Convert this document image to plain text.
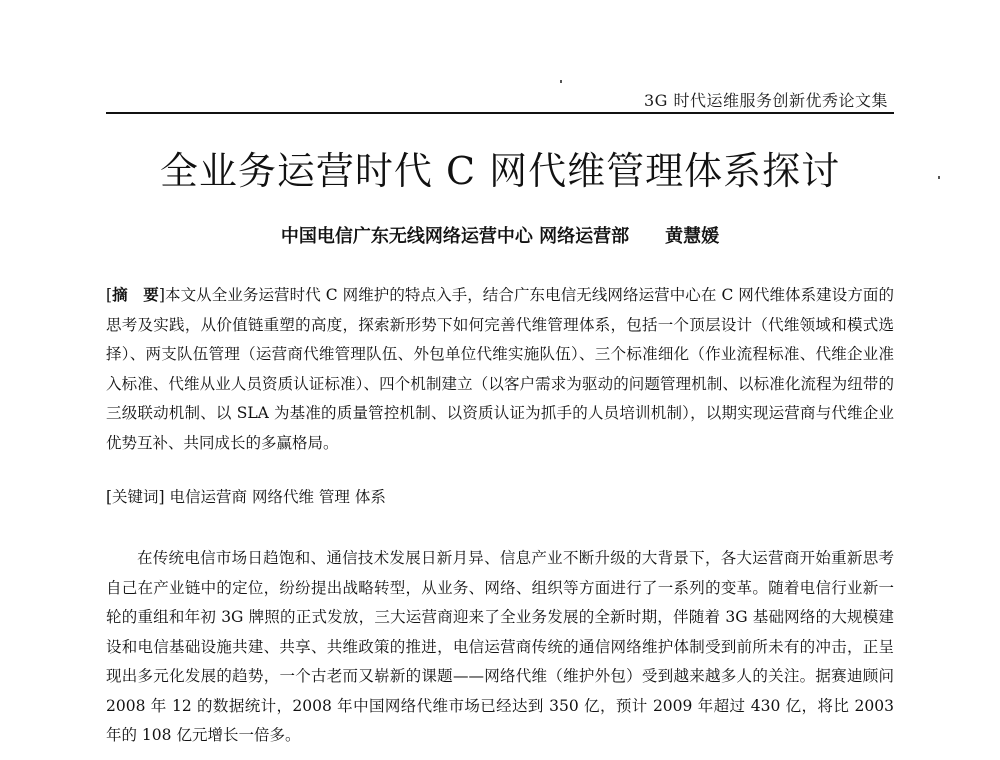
3G 时代运维服务创新优秀论文集
全业务运营时代 C 网代维管理体系探讨
中国电信广东无线网络运营中心 网络运营部 黄慧媛

[摘　要]本文从全业务运营时代 C 网维护的特点入手，结合广东电信无线网络运营中心在 C 网代维体系建设方面的思考及实践，从价值链重塑的高度，探索新形势下如何完善代维管理体系，包括一个顶层设计（代维领域和模式选择）、两支队伍管理（运营商代维管理队伍、外包单位代维实施队伍）、三个标准细化（作业流程标准、代维企业准入标准、代维从业人员资质认证标准）、四个机制建立（以客户需求为驱动的问题管理机制、以标准化流程为纽带的三级联动机制、以 SLA 为基准的质量管控机制、以资质认证为抓手的人员培训机制），以期实现运营商与代维企业优势互补、共同成长的多赢格局。

[关键词] 电信运营商 网络代维 管理 体系

在传统电信市场日趋饱和、通信技术发展日新月异、信息产业不断升级的大背景下，各大运营商开始重新思考自己在产业链中的定位，纷纷提出战略转型，从业务、网络、组织等方面进行了一系列的变革。随着电信行业新一轮的重组和年初 3G 牌照的正式发放，三大运营商迎来了全业务发展的全新时期，伴随着 3G 基础网络的大规模建设和电信基础设施共建、共享、共维政策的推进，电信运营商传统的通信网络维护体制受到前所未有的冲击，正呈现出多元化发展的趋势，一个古老而又崭新的课题——网络代维（维护外包）受到越来越多人的关注。据赛迪顾问 2008 年 12 的数据统计，2008 年中国网络代维市场已经达到 350 亿，预计 2009 年超过 430 亿，将比 2003 年的 108 亿元增长一倍多。
